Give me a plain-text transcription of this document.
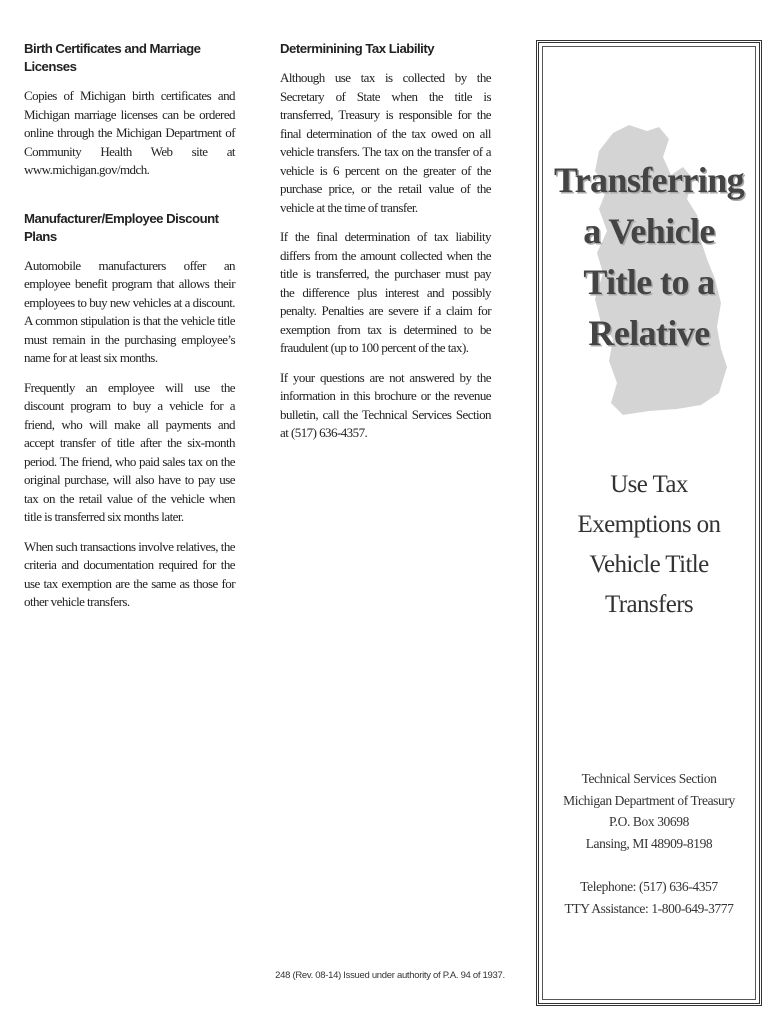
Birth Certificates and Marriage Licenses

Copies of Michigan birth certificates and Michigan marriage licenses can be ordered online through the Michigan Department of Community Health Web site at www.michigan.gov/mdch.

Manufacturer/Employee Discount Plans

Automobile manufacturers offer an employee benefit program that allows their employees to buy new vehicles at a discount. A common stipulation is that the vehicle title must remain in the purchasing employee’s name for at least six months.

Frequently an employee will use the discount program to buy a vehicle for a friend, who will make all payments and accept transfer of title after the six-month period. The friend, who paid sales tax on the original purchase, will also have to pay use tax on the retail value of the vehicle when title is transferred six months later.

When such transactions involve relatives, the criteria and documentation required for the use tax exemption are the same as those for other vehicle transfers.

Determinining Tax Liability

Although use tax is collected by the Secretary of State when the title is transferred, Treasury is responsible for the final determination of the tax owed on all vehicle transfers. The tax on the transfer of a vehicle is 6 percent on the greater of the purchase price, or the retail value of the vehicle at the time of transfer.

If the final determination of tax liability differs from the amount collected when the title is transferred, the purchaser must pay the difference plus interest and possibly penalty. Penalties are severe if a claim for exemption from tax is determined to be fraudulent (up to 100 percent of the tax).

If your questions are not answered by the information in this brochure or the revenue bulletin, call the Technical Services Section at (517) 636-4357.

Transferring
a Vehicle
Title to a
Relative
Use Tax
Exemptions on
Vehicle Title
Transfers
Technical Services Section
Michigan Department of Treasury
P.O. Box 30698
Lansing, MI 48909-8198
Telephone: (517) 636-4357
TTY Assistance: 1-800-649-3777
248 (Rev. 08-14) Issued under authority of P.A. 94 of 1937.
